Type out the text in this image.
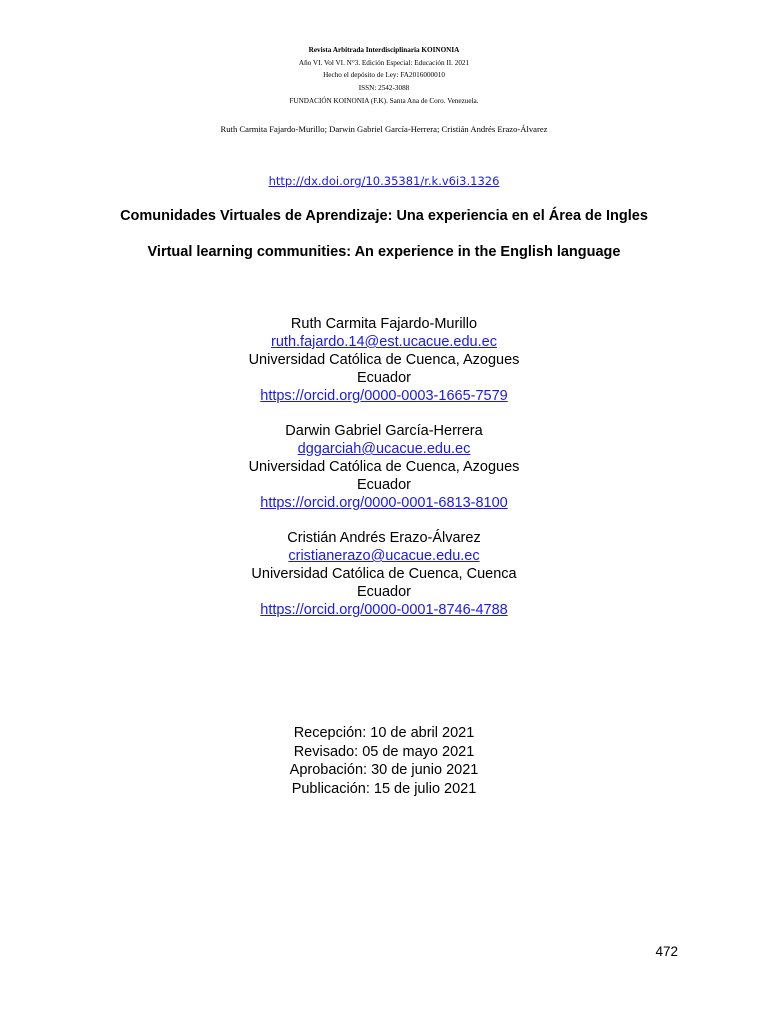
Revista Arbitrada Interdisciplinaria KOINONIA
Año VI. Vol VI. N°3. Edición Especial: Educación II. 2021
Hecho el depósito de Ley: FA2016000010
ISSN: 2542-3088
FUNDACIÓN KOINONIA (F.K). Santa Ana de Coro. Venezuela.
Ruth Carmita Fajardo-Murillo; Darwin Gabriel García-Herrera; Cristián Andrés Erazo-Álvarez
http://dx.doi.org/10.35381/r.k.v6i3.1326
Comunidades Virtuales de Aprendizaje: Una experiencia en el Área de Ingles
Virtual learning communities: An experience in the English language
Ruth Carmita Fajardo-Murillo
ruth.fajardo.14@est.ucacue.edu.ec
Universidad Católica de Cuenca, Azogues
Ecuador
https://orcid.org/0000-0003-1665-7579
Darwin Gabriel García-Herrera
dggarciah@ucacue.edu.ec
Universidad Católica de Cuenca, Azogues
Ecuador
https://orcid.org/0000-0001-6813-8100
Cristián Andrés Erazo-Álvarez
cristianerazo@ucacue.edu.ec
Universidad Católica de Cuenca, Cuenca
Ecuador
https://orcid.org/0000-0001-8746-4788
Recepción: 10 de abril 2021
Revisado: 05 de mayo 2021
Aprobación: 30 de junio 2021
Publicación: 15 de julio 2021
472
